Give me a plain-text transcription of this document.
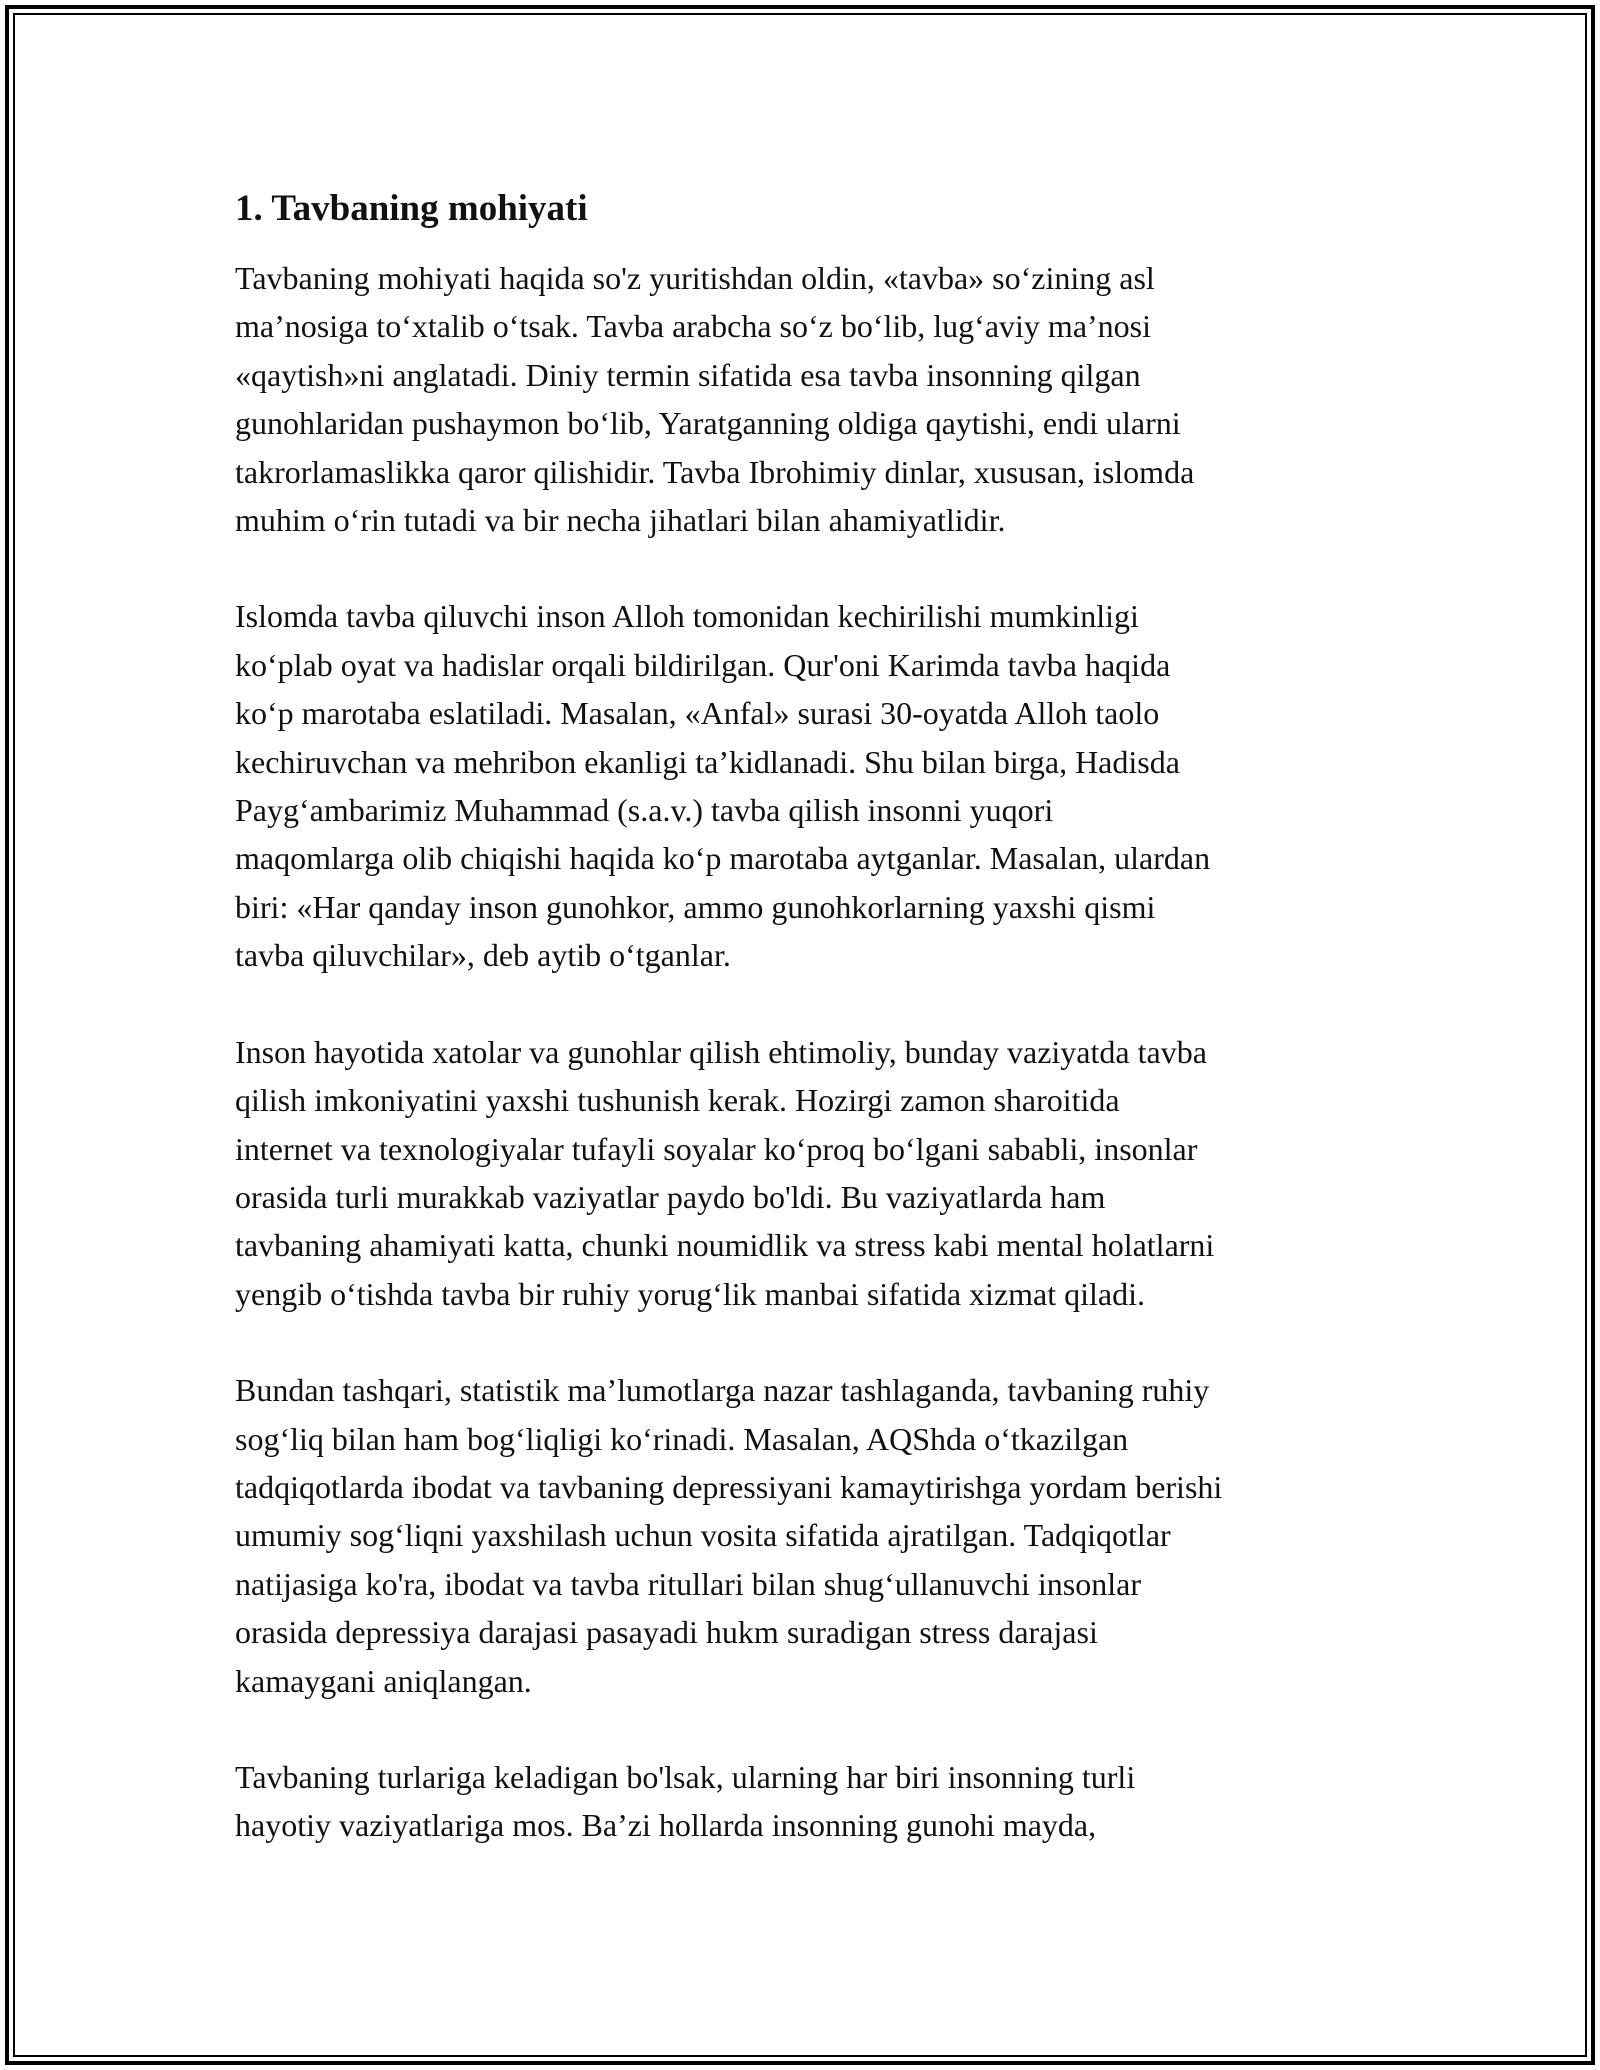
1. Tavbaning mohiyati

Tavbaning mohiyati haqida so'z yuritishdan oldin, «tavba» so‘zining asl
ma’nosiga to‘xtalib o‘tsak. Tavba arabcha so‘z bo‘lib, lug‘aviy ma’nosi
«qaytish»ni anglatadi. Diniy termin sifatida esa tavba insonning qilgan
gunohlaridan pushaymon bo‘lib, Yaratganning oldiga qaytishi, endi ularni
takrorlamaslikka qaror qilishidir. Tavba Ibrohimiy dinlar, xususan, islomda
muhim o‘rin tutadi va bir necha jihatlari bilan ahamiyatlidir.

Islomda tavba qiluvchi inson Alloh tomonidan kechirilishi mumkinligi
ko‘plab oyat va hadislar orqali bildirilgan. Qur'oni Karimda tavba haqida
ko‘p marotaba eslatiladi. Masalan, «Anfal» surasi 30-oyatda Alloh taolo
kechiruvchan va mehribon ekanligi ta’kidlanadi. Shu bilan birga, Hadisda
Payg‘ambarimiz Muhammad (s.a.v.) tavba qilish insonni yuqori
maqomlarga olib chiqishi haqida ko‘p marotaba aytganlar. Masalan, ulardan
biri: «Har qanday inson gunohkor, ammo gunohkorlarning yaxshi qismi
tavba qiluvchilar», deb aytib o‘tganlar.

Inson hayotida xatolar va gunohlar qilish ehtimoliy, bunday vaziyatda tavba
qilish imkoniyatini yaxshi tushunish kerak. Hozirgi zamon sharoitida
internet va texnologiyalar tufayli soyalar ko‘proq bo‘lgani sababli, insonlar
orasida turli murakkab vaziyatlar paydo bo'ldi. Bu vaziyatlarda ham
tavbaning ahamiyati katta, chunki noumidlik va stress kabi mental holatlarni
yengib o‘tishda tavba bir ruhiy yorug‘lik manbai sifatida xizmat qiladi.

Bundan tashqari, statistik ma’lumotlarga nazar tashlaganda, tavbaning ruhiy
sog‘liq bilan ham bog‘liqligi ko‘rinadi. Masalan, AQShda o‘tkazilgan
tadqiqotlarda ibodat va tavbaning depressiyani kamaytirishga yordam berishi
umumiy sog‘liqni yaxshilash uchun vosita sifatida ajratilgan. Tadqiqotlar
natijasiga ko'ra, ibodat va tavba ritullari bilan shug‘ullanuvchi insonlar
orasida depressiya darajasi pasayadi hukm suradigan stress darajasi
kamaygani aniqlangan.

Tavbaning turlariga keladigan bo'lsak, ularning har biri insonning turli
hayotiy vaziyatlariga mos. Ba’zi hollarda insonning gunohi mayda,
